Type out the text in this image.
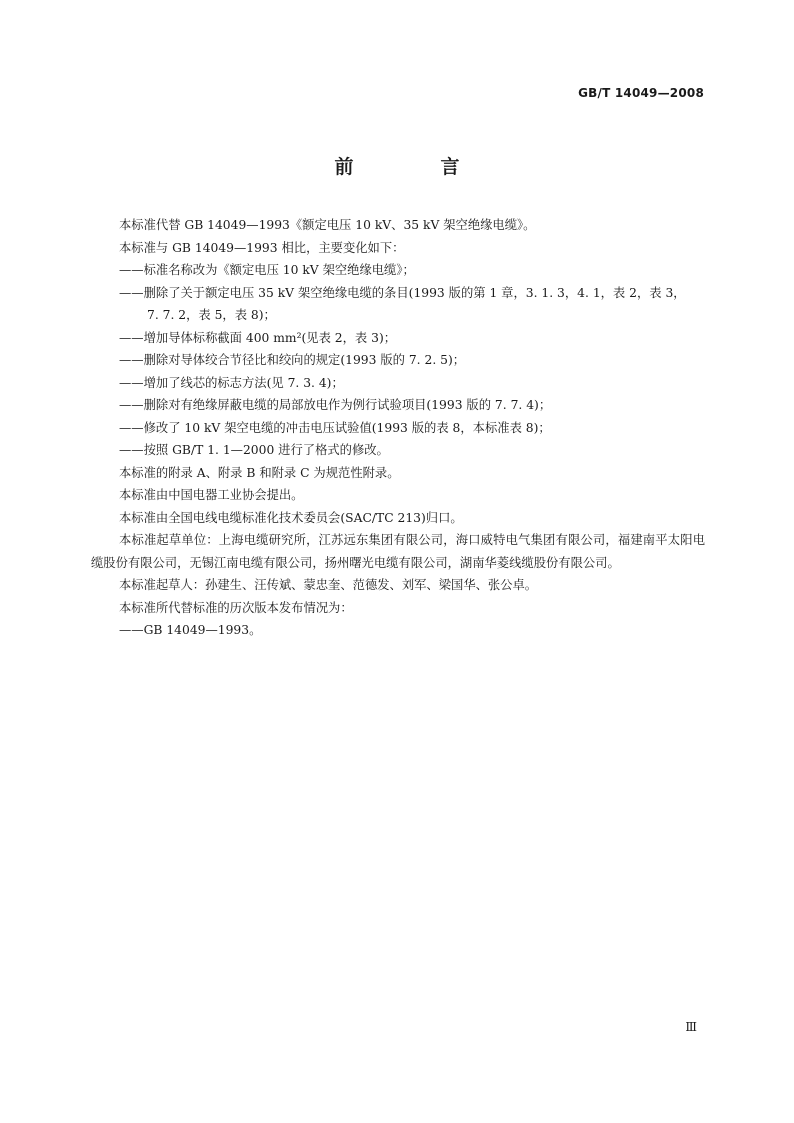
GB/T 14049—2008
前　言
本标准代替 GB 14049—1993《额定电压 10 kV、35 kV 架空绝缘电缆》。
本标准与 GB 14049—1993 相比，主要变化如下：
——标准名称改为《额定电压 10 kV 架空绝缘电缆》；
——删除了关于额定电压 35 kV 架空绝缘电缆的条目(1993 版的第 1 章，3. 1. 3，4. 1，表 2，表 3，
7. 7. 2，表 5，表 8)；
——增加导体标称截面 400 mm²(见表 2，表 3)；
——删除对导体绞合节径比和绞向的规定(1993 版的 7. 2. 5)；
——增加了线芯的标志方法(见 7. 3. 4)；
——删除对有绝缘屏蔽电缆的局部放电作为例行试验项目(1993 版的 7. 7. 4)；
——修改了 10 kV 架空电缆的冲击电压试验值(1993 版的表 8，本标准表 8)；
——按照 GB/T 1. 1—2000 进行了格式的修改。
本标准的附录 A、附录 B 和附录 C 为规范性附录。
本标准由中国电器工业协会提出。
本标准由全国电线电缆标准化技术委员会(SAC/TC 213)归口。
本标准起草单位：上海电缆研究所，江苏远东集团有限公司，海口威特电气集团有限公司，福建南平太阳电缆股份有限公司，无锡江南电缆有限公司，扬州曙光电缆有限公司，湖南华菱线缆股份有限公司。
本标准起草人：孙建生、汪传斌、蒙忠奎、范德发、刘军、梁国华、张公卓。
本标准所代替标准的历次版本发布情况为：
——GB 14049—1993。
Ⅲ
